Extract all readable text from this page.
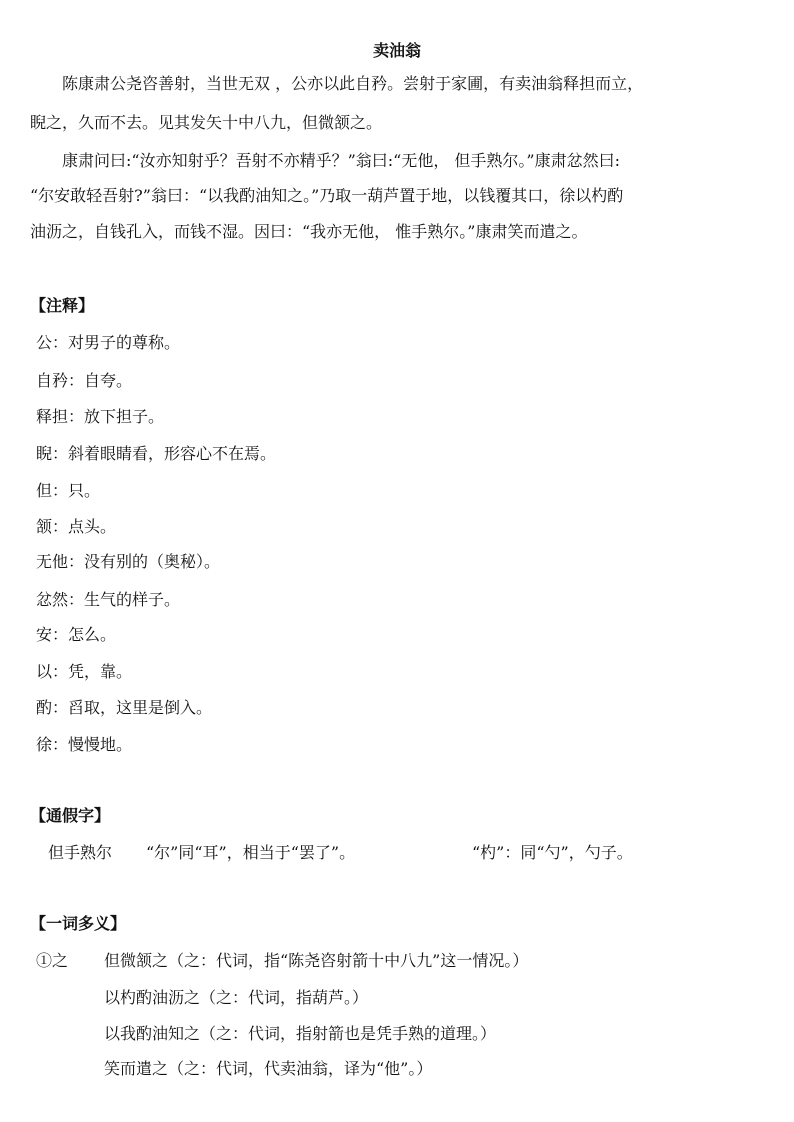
卖油翁
陈康肃公尧咨善射，当世无双 ，公亦以此自矜。尝射于家圃，有卖油翁释担而立，
睨之，久而不去。见其发矢十中八九，但微颔之。
康肃问曰:“汝亦知射乎？吾射不亦精乎？”翁曰:“无他， 但手熟尔。”康肃忿然曰:
“尔安敢轻吾射?”翁曰：“以我酌油知之。”乃取一葫芦置于地，以钱覆其口，徐以杓酌
油沥之，自钱孔入，而钱不湿。因曰：“我亦无他， 惟手熟尔。”康肃笑而遣之。
【注释】
公：对男子的尊称。
自矜：自夸。
释担：放下担子。
睨：斜着眼睛看，形容心不在焉。
但：只。
颔：点头。
无他：没有别的（奥秘）。
忿然：生气的样子。
安：怎么。
以：凭，靠。
酌：舀取，这里是倒入。
徐：慢慢地。
【通假字】
但手熟尔 “尔”同“耳”，相当于“罢了”。	“杓”：同“勺”，勺子。
【一词多义】
①之 但微颔之（之：代词，指“陈尧咨射箭十中八九”这一情况。）
以杓酌油沥之（之：代词，指葫芦。）
以我酌油知之（之：代词，指射箭也是凭手熟的道理。）
笑而遣之（之：代词，代卖油翁，译为“他”。）
